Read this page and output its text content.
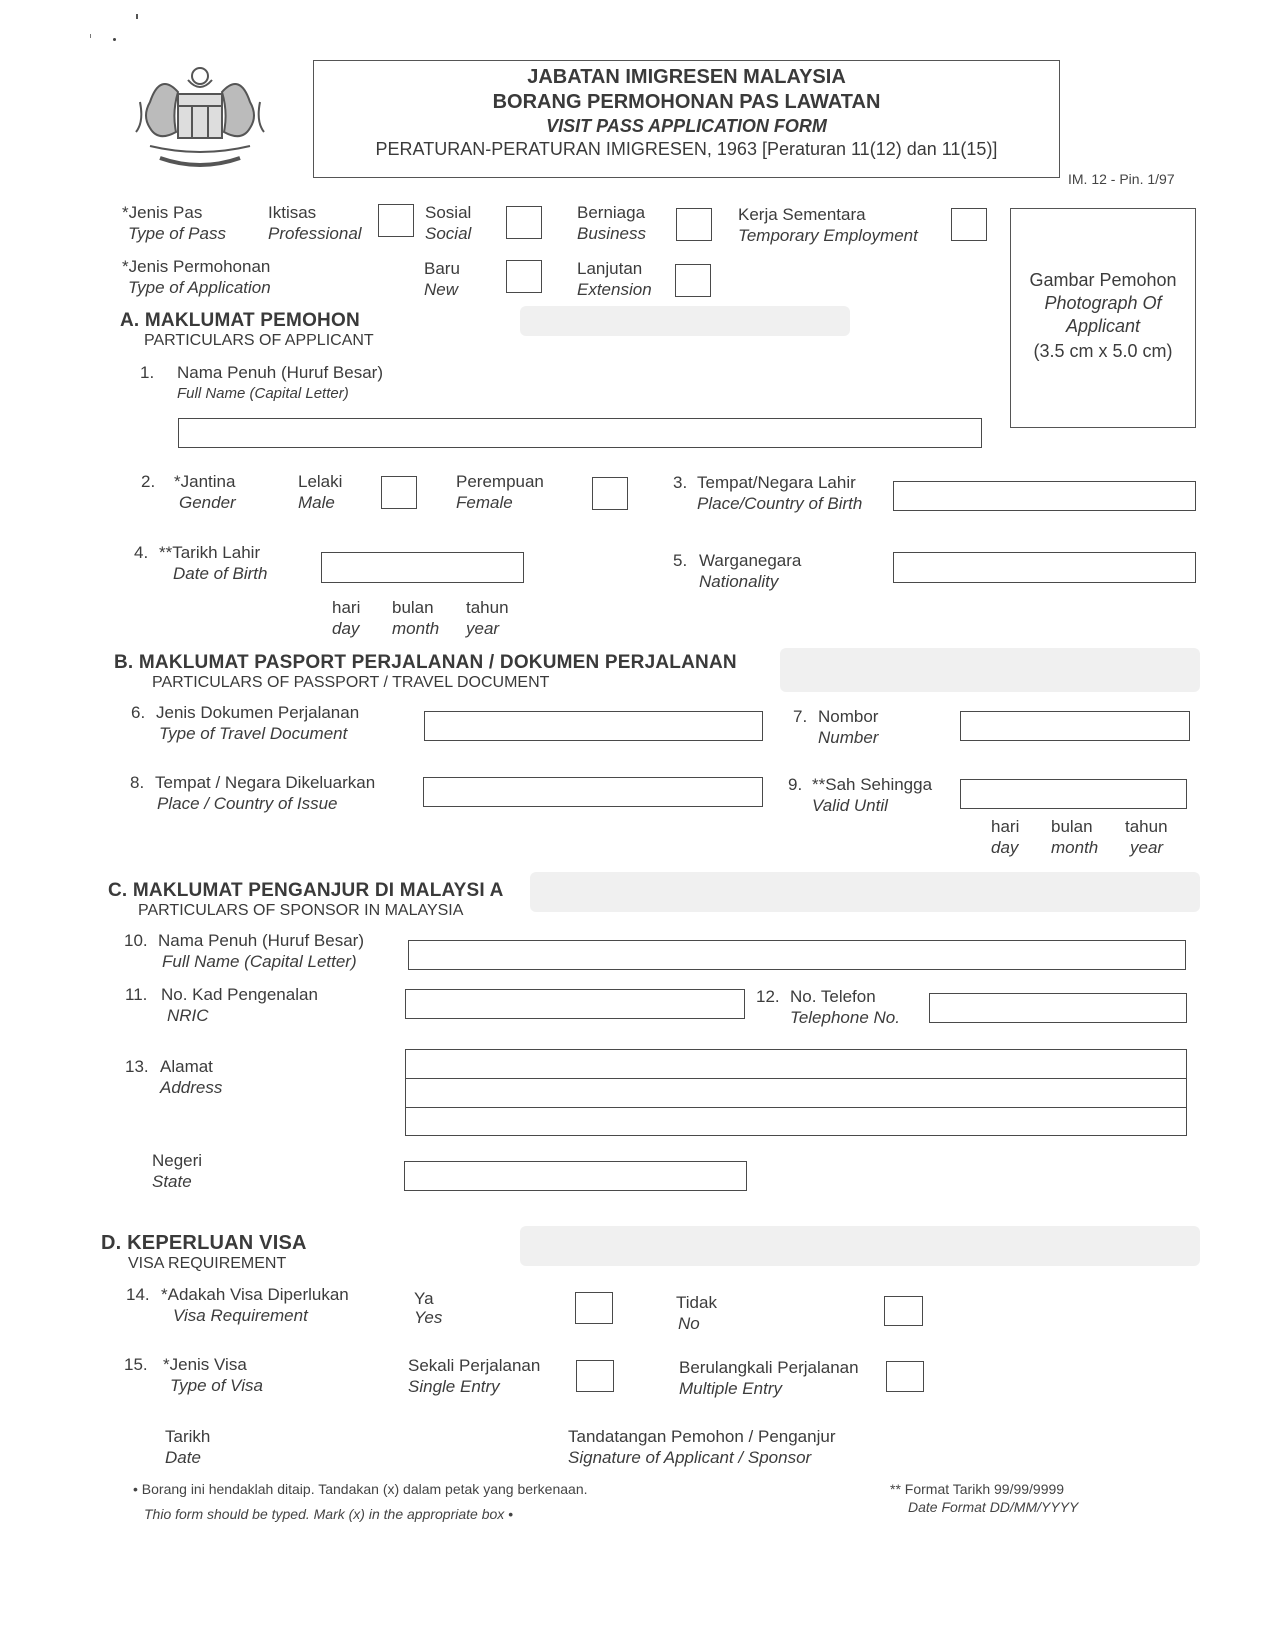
JABATAN IMIGRESEN MALAYSIA
BORANG PERMOHONAN PAS LAWATAN
VISIT PASS APPLICATION FORM
PERATURAN-PERATURAN IMIGRESEN, 1963 [Peraturan 11(12) dan 11(15)]
IM. 12 - Pin. 1/97
*Jenis Pas
Type of Pass
Iktisas
Professional
Sosial
Social
Berniaga
Business
Kerja Sementara
Temporary Employment
*Jenis Permohonan
Type of Application
Baru
New
Lanjutan
Extension	Gambar Pemohon
Photograph Of
Applicant
(3.5 cm x 5.0 cm)
A. MAKLUMAT PEMOHON
PARTICULARS OF APPLICANT
1. Nama Penuh (Huruf Besar)
Full Name (Capital Letter)
2. *Jantina
Gender
Lelaki
Male
Perempuan
Female
3. Tempat/Negara Lahir
Place/Country of Birth
4. **Tarikh Lahir
Date of Birth
hari
day
bulan
month
tahun
year
5. Warganegara
Nationality
B. MAKLUMAT PASPORT PERJALANAN / DOKUMEN PERJALANAN
PARTICULARS OF PASSPORT / TRAVEL DOCUMENT
6. Jenis Dokumen Perjalanan
Type of Travel Document
7. Nombor
Number
8. Tempat / Negara Dikeluarkan
Place / Country of Issue
9. **Sah Sehingga
Valid Until
hari
day
bulan
month
tahun
year
C. MAKLUMAT PENGANJUR DI MALAYSI A
PARTICULARS OF SPONSOR IN MALAYSIA
10. Nama Penuh (Huruf Besar)
Full Name (Capital Letter)
11. No. Kad Pengenalan
NRIC
12. No. Telefon
Telephone No.
13. Alamat
Address
Negeri
State
D. KEPERLUAN VISA
VISA REQUIREMENT
14. *Adakah Visa Diperlukan
Visa Requirement
Ya
Yes
Tidak
No
15. *Jenis Visa
Type of Visa
Sekali Perjalanan
Single Entry
Berulangkali Perjalanan
Multiple Entry
Tarikh
Date
Tandatangan Pemohon / Penganjur
Signature of Applicant / Sponsor
• Borang ini hendaklah ditaip. Tandakan (x) dalam petak yang berkenaan.
Thio form should be typed. Mark (x) in the appropriate box •
** Format Tarikh 99/99/9999
Date Format DD/MM/YYYY
